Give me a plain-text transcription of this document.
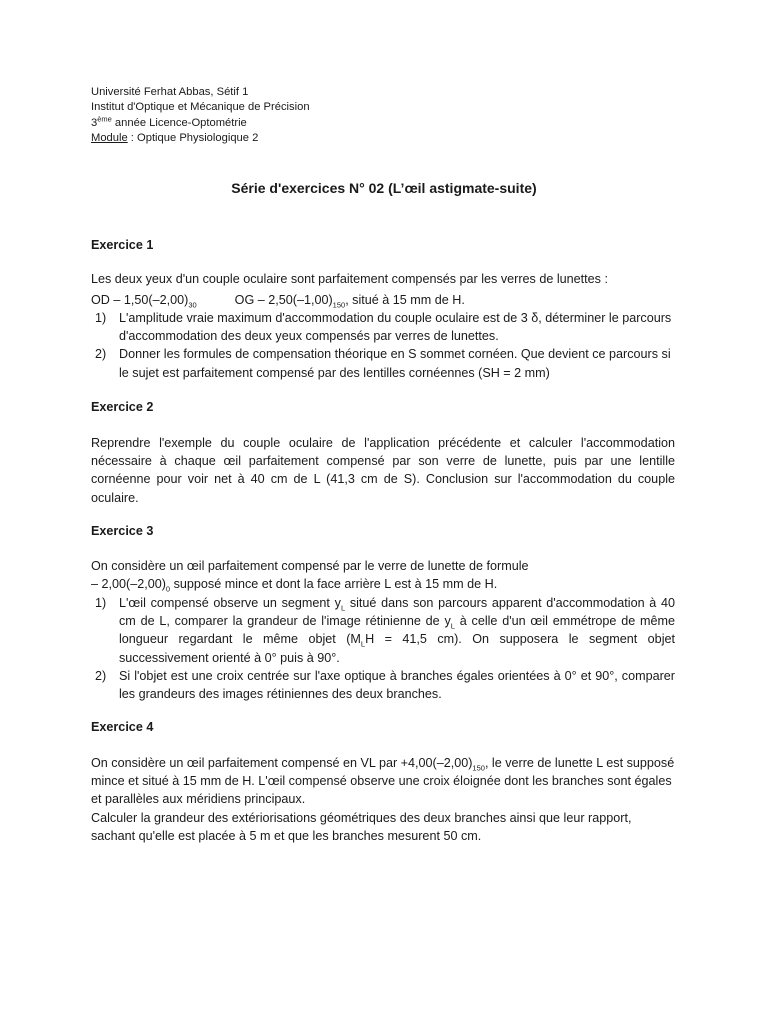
Université Ferhat Abbas, Sétif 1
Institut d'Optique et Mécanique de Précision
3ème année Licence-Optométrie
Module : Optique Physiologique 2
Série d'exercices N° 02 (L’œil astigmate-suite)
Exercice 1
Les deux yeux d'un couple oculaire sont parfaitement compensés par les verres de lunettes :
OD – $1,50(-2,00)_{30}$	OG – $2,50(-1,00)_{150}$, situé à 15 mm de H.
1) L'amplitude vraie maximum d'accommodation du couple oculaire est de 3 δ, déterminer le parcours d'accommodation des deux yeux compensés par verres de lunettes.
2) Donner les formules de compensation théorique en S sommet cornéen. Que devient ce parcours si le sujet est parfaitement compensé par des lentilles cornéennes (SH = 2 mm)
Exercice 2
Reprendre l'exemple du couple oculaire de l'application précédente et calculer l'accommodation nécessaire à chaque œil parfaitement compensé par son verre de lunette, puis par une lentille cornéenne pour voir net à 40 cm de L (41,3 cm de S). Conclusion sur l'accommodation du couple oculaire.
Exercice 3
On considère un œil parfaitement compensé par le verre de lunette de formule
– $2,00(-2,00)_0$ supposé mince et dont la face arrière L est à 15 mm de H.
1) L'œil compensé observe un segment $y_L$ situé dans son parcours apparent d'accommodation à 40 cm de L, comparer la grandeur de l'image rétinienne de $y_L$ à celle d'un œil emmétrope de même longueur regardant le même objet ($M_LH = 41,5$ cm). On supposera le segment objet successivement orienté à 0° puis à 90°.
2) Si l'objet est une croix centrée sur l'axe optique à branches égales orientées à 0° et 90°, comparer les grandeurs des images rétiniennes des deux branches.
Exercice 4
On considère un œil parfaitement compensé en VL par $+4,00(-2,00)_{150}$, le verre de lunette L est supposé mince et situé à 15 mm de H. L'œil compensé observe une croix éloignée dont les branches sont égales et parallèles aux méridiens principaux.
Calculer la grandeur des extériorisations géométriques des deux branches ainsi que leur rapport, sachant qu'elle est placée à 5 m et que les branches mesurent 50 cm.
